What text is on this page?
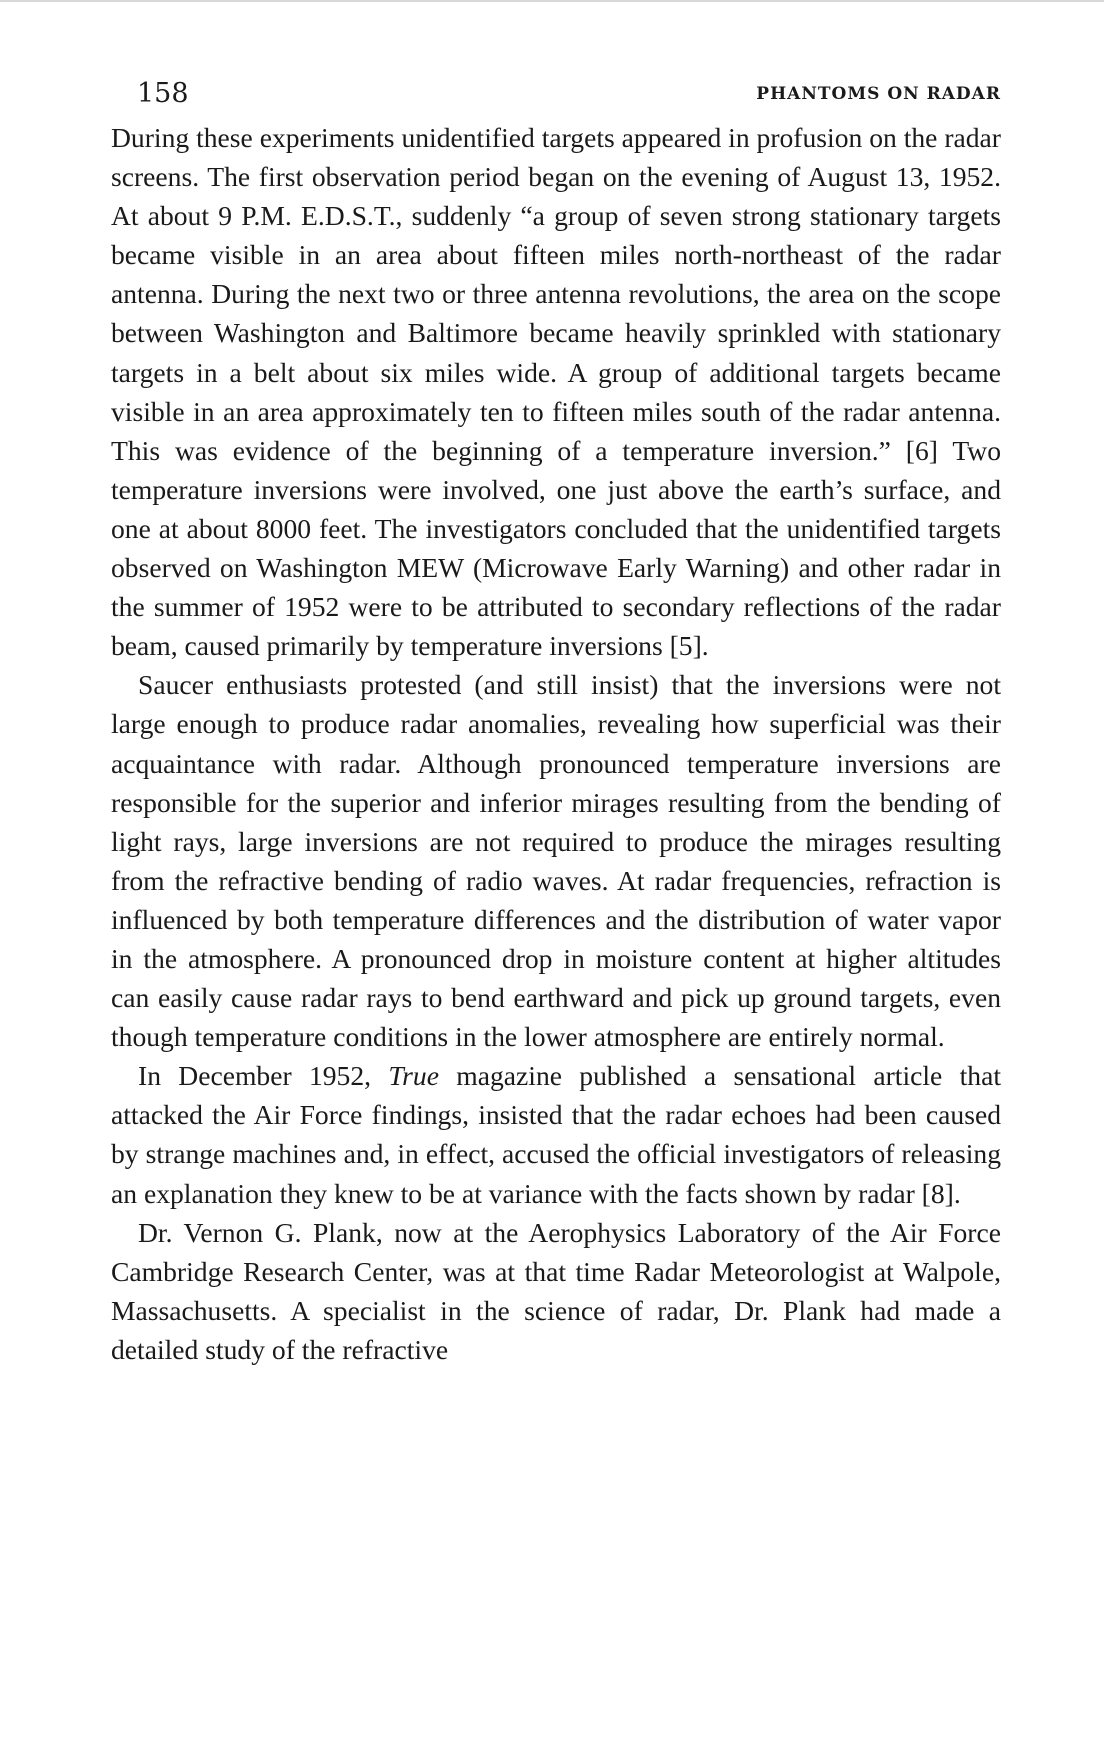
158	PHANTOMS ON RADAR

During these experiments unidentified targets appeared in profusion on the radar screens. The first observation period began on the evening of August 13, 1952. At about 9 P.M. E.D.S.T., suddenly “a group of seven strong stationary targets became visible in an area about fifteen miles north-northeast of the radar antenna. During the next two or three antenna revolutions, the area on the scope between Washington and Baltimore became heavily sprinkled with stationary targets in a belt about six miles wide. A group of additional targets became visible in an area approximately ten to fifteen miles south of the radar antenna. This was evidence of the beginning of a temperature inversion.” [6] Two temperature inversions were involved, one just above the earth’s surface, and one at about 8000 feet. The investigators concluded that the unidentified targets observed on Washington MEW (Microwave Early Warning) and other radar in the summer of 1952 were to be attributed to secondary reflections of the radar beam, caused primarily by temperature inversions [5].

Saucer enthusiasts protested (and still insist) that the inversions were not large enough to produce radar anomalies, revealing how superficial was their acquaintance with radar. Although pronounced temperature inversions are responsible for the superior and inferior mirages resulting from the bending of light rays, large inversions are not required to produce the mirages resulting from the refractive bending of radio waves. At radar frequencies, refraction is influenced by both temperature differences and the distribution of water vapor in the atmosphere. A pronounced drop in moisture content at higher altitudes can easily cause radar rays to bend earthward and pick up ground targets, even though temperature conditions in the lower atmosphere are entirely normal.

In December 1952, True magazine published a sensational article that attacked the Air Force findings, insisted that the radar echoes had been caused by strange machines and, in effect, accused the official investigators of releasing an explanation they knew to be at variance with the facts shown by radar [8].

Dr. Vernon G. Plank, now at the Aerophysics Laboratory of the Air Force Cambridge Research Center, was at that time Radar Meteorologist at Walpole, Massachusetts. A specialist in the science of radar, Dr. Plank had made a detailed study of the refractive
